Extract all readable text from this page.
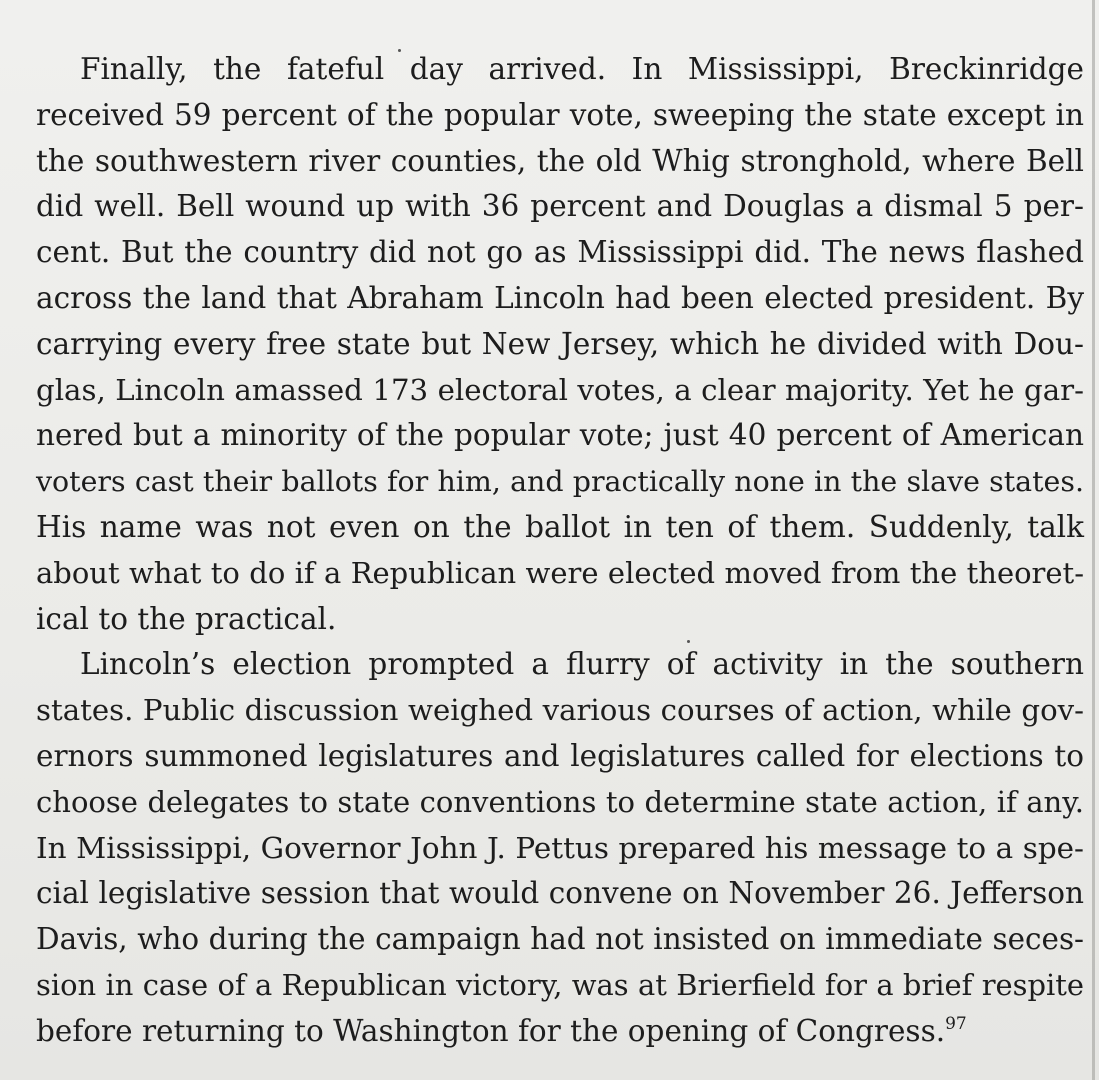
Finally, the fateful day arrived. In Mississippi, Breckinridge
received 59 percent of the popular vote, sweeping the state except in
the southwestern river counties, the old Whig stronghold, where Bell
did well. Bell wound up with 36 percent and Douglas a dismal 5 per-
cent. But the country did not go as Mississippi did. The news flashed
across the land that Abraham Lincoln had been elected president. By
carrying every free state but New Jersey, which he divided with Dou-
glas, Lincoln amassed 173 electoral votes, a clear majority. Yet he gar-
nered but a minority of the popular vote; just 40 percent of American
voters cast their ballots for him, and practically none in the slave states.
His name was not even on the ballot in ten of them. Suddenly, talk
about what to do if a Republican were elected moved from the theoret-
ical to the practical.

Lincoln’s election prompted a flurry of activity in the southern
states. Public discussion weighed various courses of action, while gov-
ernors summoned legislatures and legislatures called for elections to
choose delegates to state conventions to determine state action, if any.
In Mississippi, Governor John J. Pettus prepared his message to a spe-
cial legislative session that would convene on November 26. Jefferson
Davis, who during the campaign had not insisted on immediate seces-
sion in case of a Republican victory, was at Brierfield for a brief respite
before returning to Washington for the opening of Congress.$^{97}$
